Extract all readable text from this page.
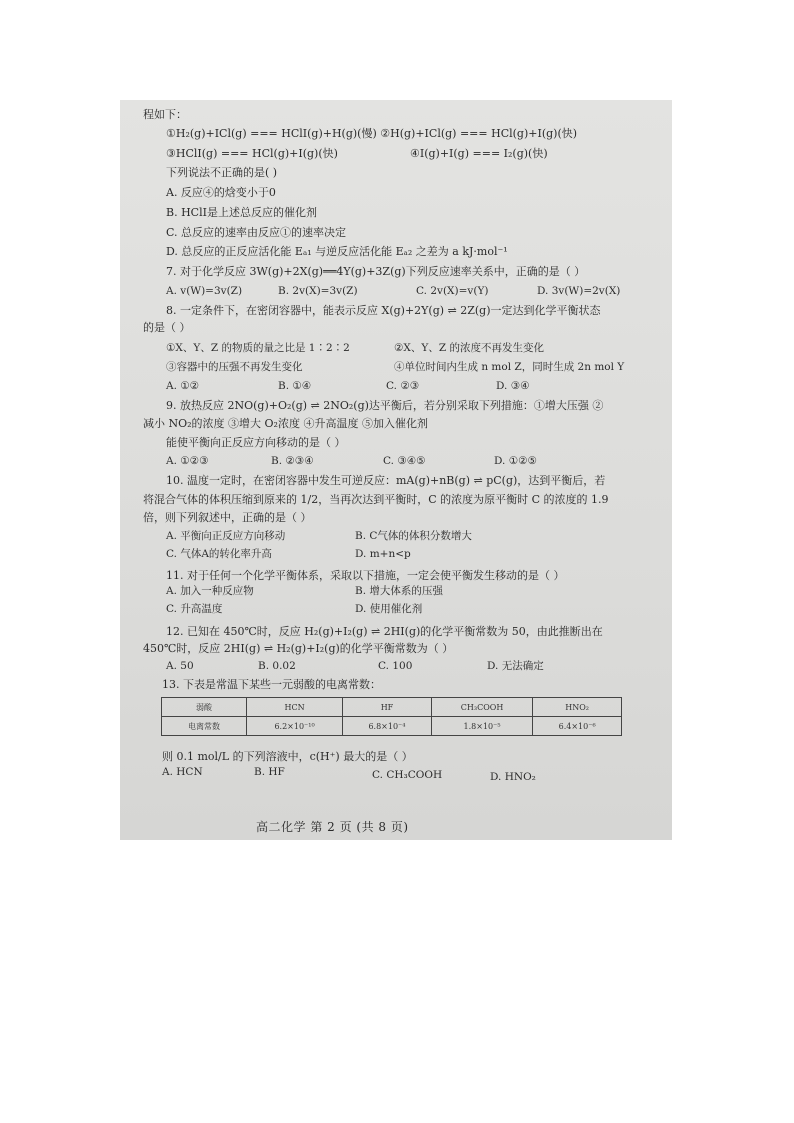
程如下：
①H₂(g)+ICl(g) === HClI(g)+H(g)(慢) ②H(g)+ICl(g) === HCl(g)+I(g)(快)
③HClI(g) === HCl(g)+I(g)(快)	④I(g)+I(g) === I₂(g)(快)
下列说法不正确的是( )
A. 反应④的焓变小于0
B. HClI是上述总反应的催化剂
C. 总反应的速率由反应①的速率决定
D. 总反应的正反应活化能 Eₐ₁ 与逆反应活化能 Eₐ₂ 之差为 a kJ·mol⁻¹
7. 对于化学反应 3W(g)+2X(g)══4Y(g)+3Z(g)下列反应速率关系中，正确的是（ ）
A. v(W)=3v(Z)	B. 2v(X)=3v(Z)	C. 2v(X)=v(Y)	D. 3v(W)=2v(X)
8. 一定条件下，在密闭容器中，能表示反应 X(g)+2Y(g) ⇌ 2Z(g)一定达到化学平衡状态
的是（ ）
①X、Y、Z 的物质的量之比是 1∶2∶2	②X、Y、Z 的浓度不再发生变化
③容器中的压强不再发生变化	④单位时间内生成 n mol Z，同时生成 2n mol Y
A. ①②	B. ①④	C. ②③	D. ③④
9. 放热反应 2NO(g)+O₂(g) ⇌ 2NO₂(g)达平衡后，若分别采取下列措施：①增大压强 ②
减小 NO₂的浓度 ③增大 O₂浓度 ④升高温度 ⑤加入催化剂
能使平衡向正反应方向移动的是（ ）
A. ①②③	B. ②③④	C. ③④⑤	D. ①②⑤
10. 温度一定时，在密闭容器中发生可逆反应：mA(g)+nB(g) ⇌ pC(g)，达到平衡后，若
将混合气体的体积压缩到原来的 1/2，当再次达到平衡时，C 的浓度为原平衡时 C 的浓度的 1.9
倍，则下列叙述中，正确的是（ ）
A. 平衡向正反应方向移动	B. C气体的体积分数增大
C. 气体A的转化率升高	D. m+n<p
11. 对于任何一个化学平衡体系，采取以下措施，一定会使平衡发生移动的是（ ）
A. 加入一种反应物	B. 增大体系的压强
C. 升高温度	D. 使用催化剂
12. 已知在 450℃时，反应 H₂(g)+I₂(g) ⇌ 2HI(g)的化学平衡常数为 50，由此推断出在
450℃时，反应 2HI(g) ⇌ H₂(g)+I₂(g)的化学平衡常数为（ ）
A. 50	B. 0.02	C. 100	D. 无法确定
13. 下表是常温下某些一元弱酸的电离常数：
弱酸	HCN	HF	CH₃COOH	HNO₂
电离常数	6.2×10⁻¹⁰	6.8×10⁻⁴	1.8×10⁻⁵	6.4×10⁻⁶
则 0.1 mol/L 的下列溶液中，c(H⁺) 最大的是（ ）
A. HCN	B. HF	C. CH₃COOH	D. HNO₂
高二化学 第 2 页 (共 8 页)
